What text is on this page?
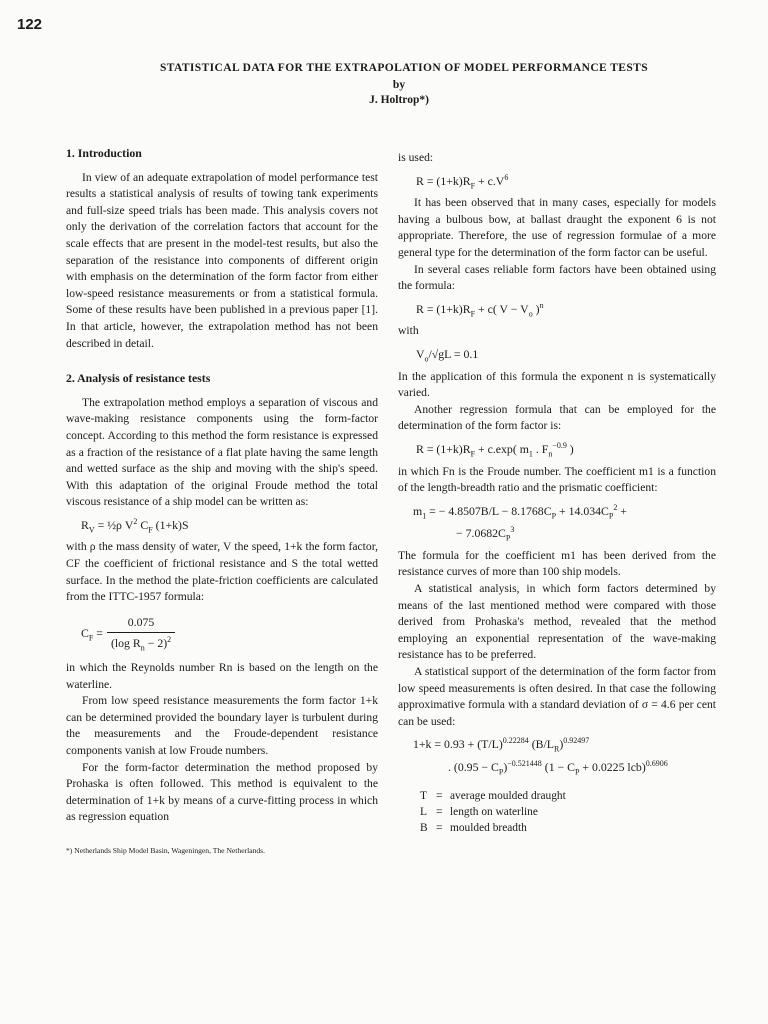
122
STATISTICAL DATA FOR THE EXTRAPOLATION OF MODEL PERFORMANCE TESTS
by
J. Holtrop*)
1. Introduction

In view of an adequate extrapolation of model performance test results a statistical analysis of results of towing tank experiments and full-size speed trials has been made. This analysis covers not only the derivation of the correlation factors that account for the scale effects that are present in the model-test results, but also the separation of the resistance into components of different origin with emphasis on the determination of the form factor from either low-speed resistance measurements or from a statistical formula. Some of these results have been published in a previous paper [1]. In that article, however, the extrapolation method has not been described in detail.

2. Analysis of resistance tests

The extrapolation method employs a separation of viscous and wave-making resistance components using the form-factor concept. According to this method the form resistance is expressed as a fraction of the resistance of a flat plate having the same length and wetted surface as the ship and moving with the ship's speed. With this adaptation of the original Froude method the total viscous resistance of a ship model can be written as:

$R_V$ = ½ρ $V^2$ $C_F$ (1+k)S

with ρ the mass density of water, V the speed, 1+k the form factor, CF the coefficient of frictional resistance and S the total wetted surface. In the method the plate-friction coefficients are calculated from the ITTC-1957 formula:

$C_F = \frac{0.075}{(\log R_n - 2)^2}$

in which the Reynolds number Rn is based on the length on the waterline.

From low speed resistance measurements the form factor 1+k can be determined provided the boundary layer is turbulent during the measurements and the Froude-dependent resistance components vanish at low Froude numbers.

For the form-factor determination the method proposed by Prohaska is often followed. This method is equivalent to the determination of 1+k by means of a curve-fitting process in which as regression equation

*) Netherlands Ship Model Basin, Wageningen, The Netherlands.

is used:

$R = (1+k)R_F + c.V^6$

It has been observed that in many cases, especially for models having a bulbous bow, at ballast draught the exponent 6 is not appropriate. Therefore, the use of regression formulae of a more general type for the determination of the form factor can be useful.

In several cases reliable form factors have been obtained using the formula:

$R = (1+k)R_F + c$( $V - V_o$ )$^n$

with

$V_o/√gL = 0.1$

In the application of this formula the exponent n is systematically varied.

Another regression formula that can be employed for the determination of the form factor is:

$R = (1+k)R_F + c.\exp$( $m_1$ . $F_n^{-0.9}$ )

in which Fn is the Froude number. The coefficient m1 is a function of the length-breadth ratio and the prismatic coefficient:

$m_1$ = − $4.8507B/L - 8.1768C_P + 14.034C_P^2$ +
− $7.0682C_P^3$

The formula for the coefficient m1 has been derived from the resistance curves of more than 100 ship models.

A statistical analysis, in which form factors determined by means of the last mentioned method were compared with those derived from Prohaska's method, revealed that the method employing an exponential representation of the wave-making resistance has to be preferred.

A statistical support of the determination of the form factor from low speed measurements is often desired. In that case the following approximative formula with a standard deviation of σ = 4.6 per cent can be used:

$1+k = 0.93 + (T/L)^{0.22284}$ $(B/L_R)^{0.92497}$
. $(0.95 - C_P)^{-0.521448}$ ($1 - C_P + 0.0225$ lcb)$^{0.6906}$
T = average moulded draught
L = length on waterline
B = moulded breadth
